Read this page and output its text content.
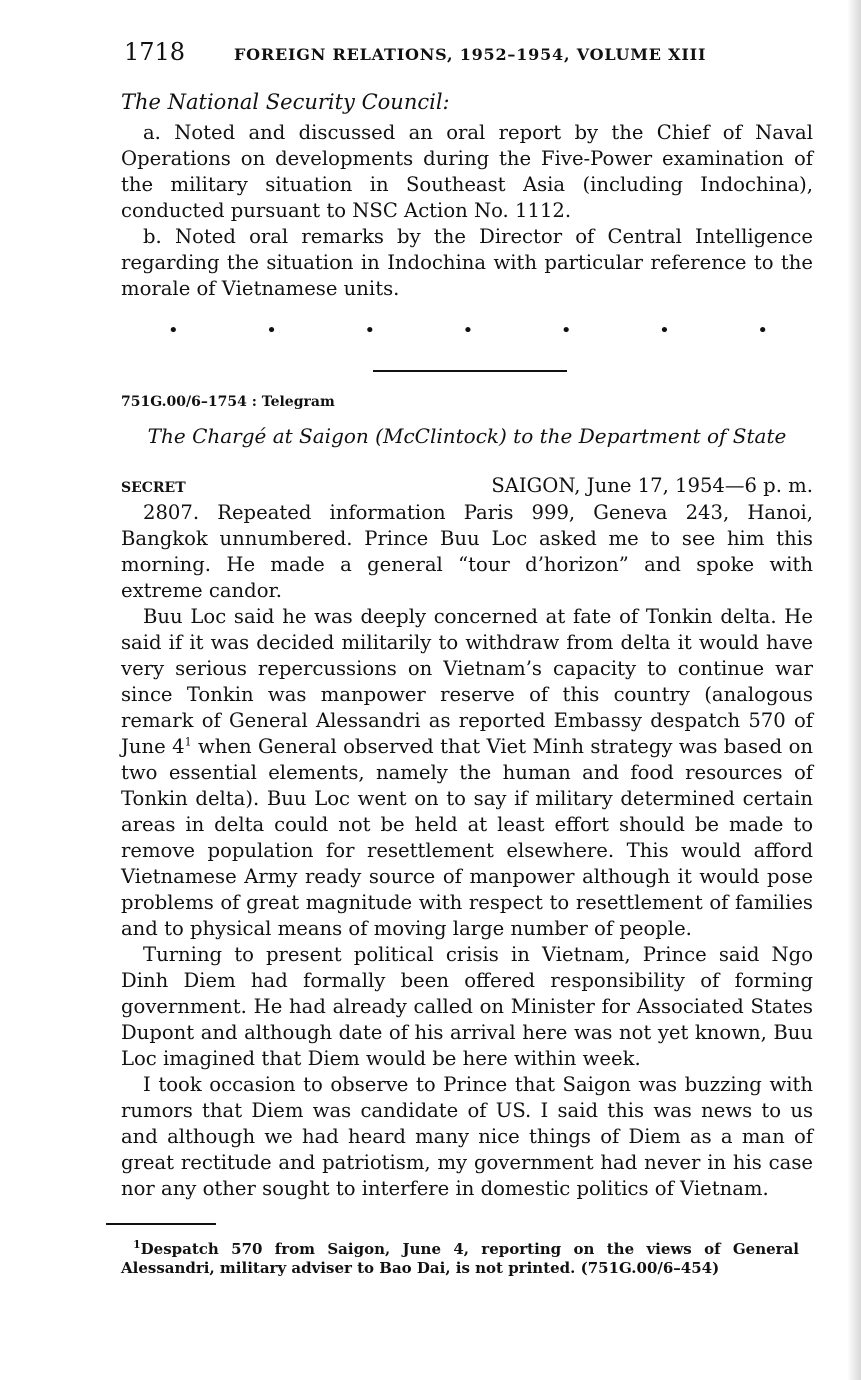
1718	FOREIGN RELATIONS, 1952–1954, VOLUME XIII
The National Security Council:

a. Noted and discussed an oral report by the Chief of Naval Operations on developments during the Five-Power examination of the military situation in Southeast Asia (including Indochina), conducted pursuant to NSC Action No. 1112.

b. Noted oral remarks by the Director of Central Intelligence regarding the situation in Indochina with particular reference to the morale of Vietnamese units.

•	•	•	•	•	•	•
751G.00/6–1754 : Telegram
The Chargé at Saigon (McClintock) to the Department of State
SECRET	SAIGON, June 17, 1954—6 p. m.

2807. Repeated information Paris 999, Geneva 243, Hanoi, Bangkok unnumbered. Prince Buu Loc asked me to see him this morning. He made a general “tour d’horizon” and spoke with extreme candor.

Buu Loc said he was deeply concerned at fate of Tonkin delta. He said if it was decided militarily to withdraw from delta it would have very serious repercussions on Vietnam’s capacity to continue war since Tonkin was manpower reserve of this country (analogous remark of General Alessandri as reported Embassy despatch 570 of June $4^1$ when General observed that Viet Minh strategy was based on two essential elements, namely the human and food resources of Tonkin delta). Buu Loc went on to say if military determined certain areas in delta could not be held at least effort should be made to remove population for resettlement elsewhere. This would afford Vietnamese Army ready source of manpower although it would pose problems of great magnitude with respect to resettlement of families and to physical means of moving large number of people.

Turning to present political crisis in Vietnam, Prince said Ngo Dinh Diem had formally been offered responsibility of forming government. He had already called on Minister for Associated States Dupont and although date of his arrival here was not yet known, Buu Loc imagined that Diem would be here within week.

I took occasion to observe to Prince that Saigon was buzzing with rumors that Diem was candidate of US. I said this was news to us and although we had heard many nice things of Diem as a man of great rectitude and patriotism, my government had never in his case nor any other sought to interfere in domestic politics of Vietnam.

$^1$Despatch 570 from Saigon, June 4, reporting on the views of General Alessandri, military adviser to Bao Dai, is not printed. (751G.00/6–454)
